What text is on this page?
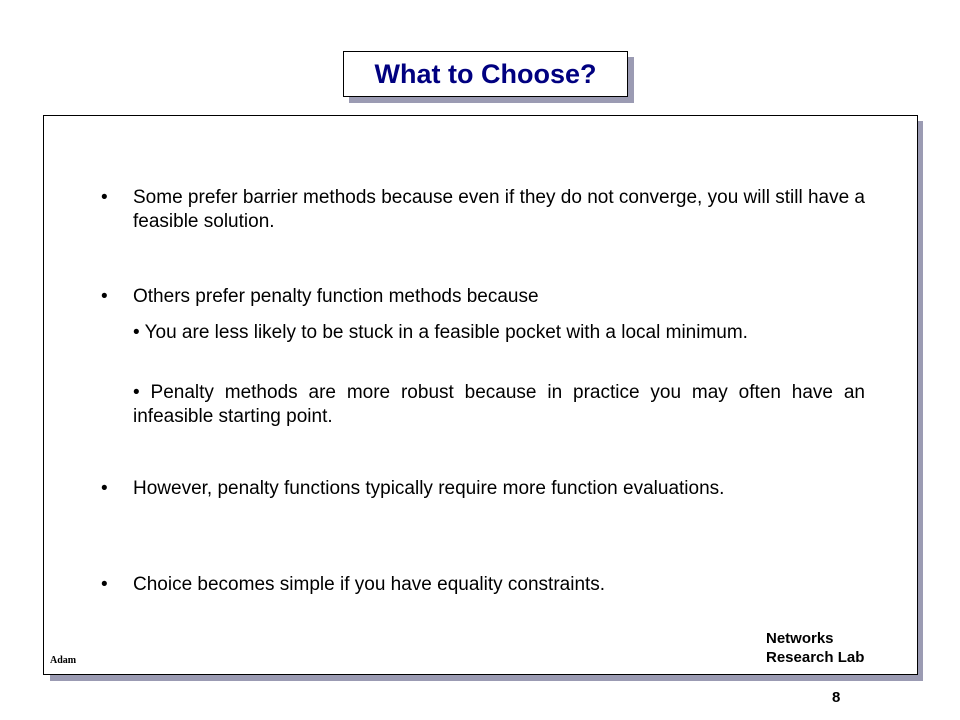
What to Choose?
• Some prefer barrier methods because even if they do not converge, you will still have a feasible solution.
• Others prefer penalty function methods because
• You are less likely to be stuck in a feasible pocket with a local minimum.
• Penalty methods are more robust because in practice you may often have an infeasible starting point.
• However, penalty functions typically require more function evaluations.
• Choice becomes simple if you have equality constraints.
Adam
Networks
Research Lab
8
